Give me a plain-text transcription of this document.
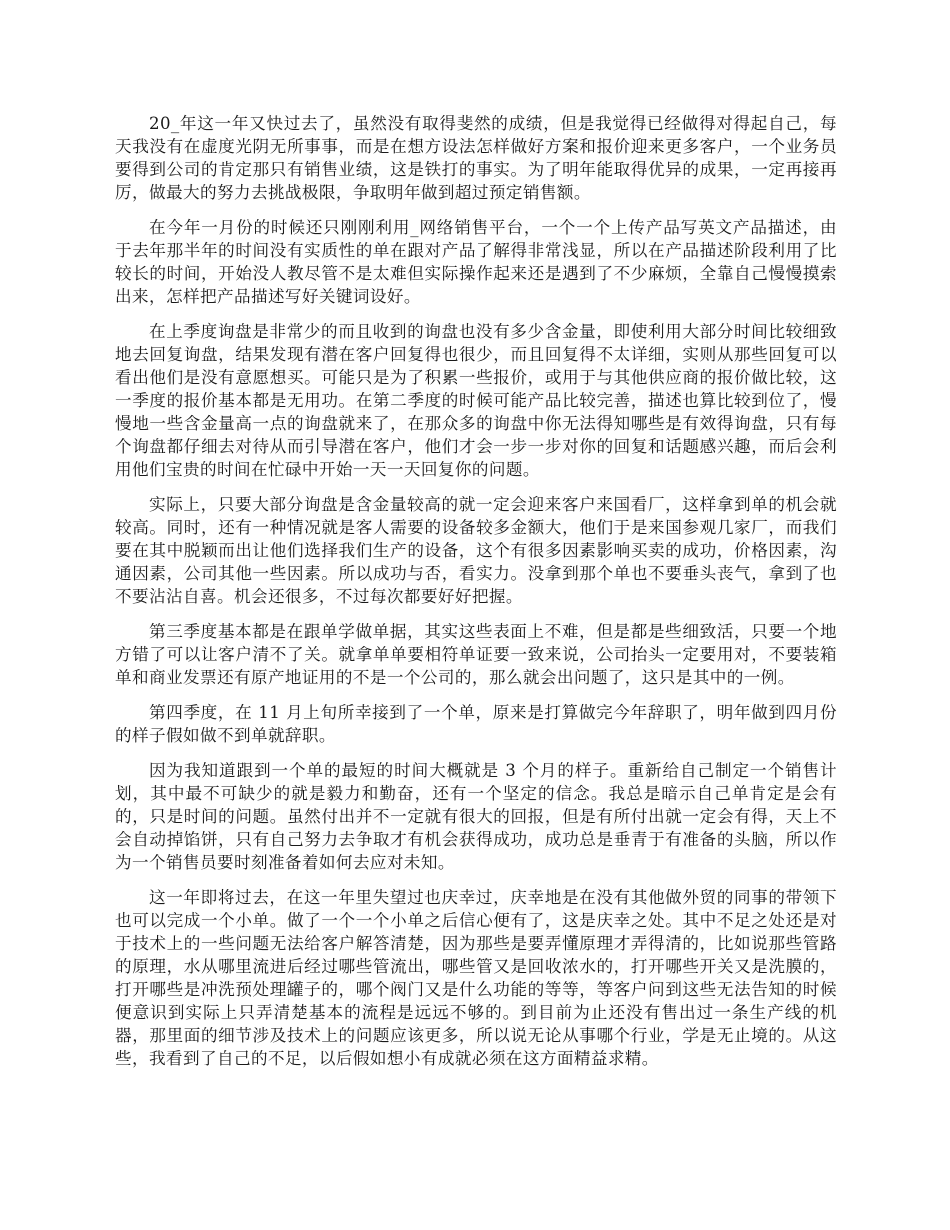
20_年这一年又快过去了，虽然没有取得斐然的成绩，但是我觉得已经做得对得起自己，每天我没有在虚度光阴无所事事，而是在想方设法怎样做好方案和报价迎来更多客户，一个业务员要得到公司的肯定那只有销售业绩，这是铁打的事实。为了明年能取得优异的成果，一定再接再厉，做最大的努力去挑战极限，争取明年做到超过预定销售额。

在今年一月份的时候还只刚刚利用_网络销售平台，一个一个上传产品写英文产品描述，由于去年那半年的时间没有实质性的单在跟对产品了解得非常浅显，所以在产品描述阶段利用了比较长的时间，开始没人教尽管不是太难但实际操作起来还是遇到了不少麻烦，全靠自己慢慢摸索出来，怎样把产品描述写好关键词设好。

在上季度询盘是非常少的而且收到的询盘也没有多少含金量，即使利用大部分时间比较细致地去回复询盘，结果发现有潜在客户回复得也很少，而且回复得不太详细，实则从那些回复可以看出他们是没有意愿想买。可能只是为了积累一些报价，或用于与其他供应商的报价做比较，这一季度的报价基本都是无用功。在第二季度的时候可能产品比较完善，描述也算比较到位了，慢慢地一些含金量高一点的询盘就来了，在那众多的询盘中你无法得知哪些是有效得询盘，只有每个询盘都仔细去对待从而引导潜在客户，他们才会一步一步对你的回复和话题感兴趣，而后会利用他们宝贵的时间在忙碌中开始一天一天回复你的问题。

实际上，只要大部分询盘是含金量较高的就一定会迎来客户来国看厂，这样拿到单的机会就较高。同时，还有一种情况就是客人需要的设备较多金额大，他们于是来国参观几家厂，而我们要在其中脱颖而出让他们选择我们生产的设备，这个有很多因素影响买卖的成功，价格因素，沟通因素，公司其他一些因素。所以成功与否，看实力。没拿到那个单也不要垂头丧气，拿到了也不要沾沾自喜。机会还很多，不过每次都要好好把握。

第三季度基本都是在跟单学做单据，其实这些表面上不难，但是都是些细致活，只要一个地方错了可以让客户清不了关。就拿单单要相符单证要一致来说，公司抬头一定要用对，不要装箱单和商业发票还有原产地证用的不是一个公司的，那么就会出问题了，这只是其中的一例。

第四季度，在 11 月上旬所幸接到了一个单，原来是打算做完今年辞职了，明年做到四月份的样子假如做不到单就辞职。

因为我知道跟到一个单的最短的时间大概就是 3 个月的样子。重新给自己制定一个销售计划，其中最不可缺少的就是毅力和勤奋，还有一个坚定的信念。我总是暗示自己单肯定是会有的，只是时间的问题。虽然付出并不一定就有很大的回报，但是有所付出就一定会有得，天上不会自动掉馅饼，只有自己努力去争取才有机会获得成功，成功总是垂青于有准备的头脑，所以作为一个销售员要时刻准备着如何去应对未知。

这一年即将过去，在这一年里失望过也庆幸过，庆幸地是在没有其他做外贸的同事的带领下也可以完成一个小单。做了一个一个小单之后信心便有了，这是庆幸之处。其中不足之处还是对于技术上的一些问题无法给客户解答清楚，因为那些是要弄懂原理才弄得清的，比如说那些管路的原理，水从哪里流进后经过哪些管流出，哪些管又是回收浓水的，打开哪些开关又是洗膜的，打开哪些是冲洗预处理罐子的，哪个阀门又是什么功能的等等，等客户问到这些无法告知的时候便意识到实际上只弄清楚基本的流程是远远不够的。到目前为止还没有售出过一条生产线的机器，那里面的细节涉及技术上的问题应该更多，所以说无论从事哪个行业，学是无止境的。从这些，我看到了自己的不足，以后假如想小有成就必须在这方面精益求精。
